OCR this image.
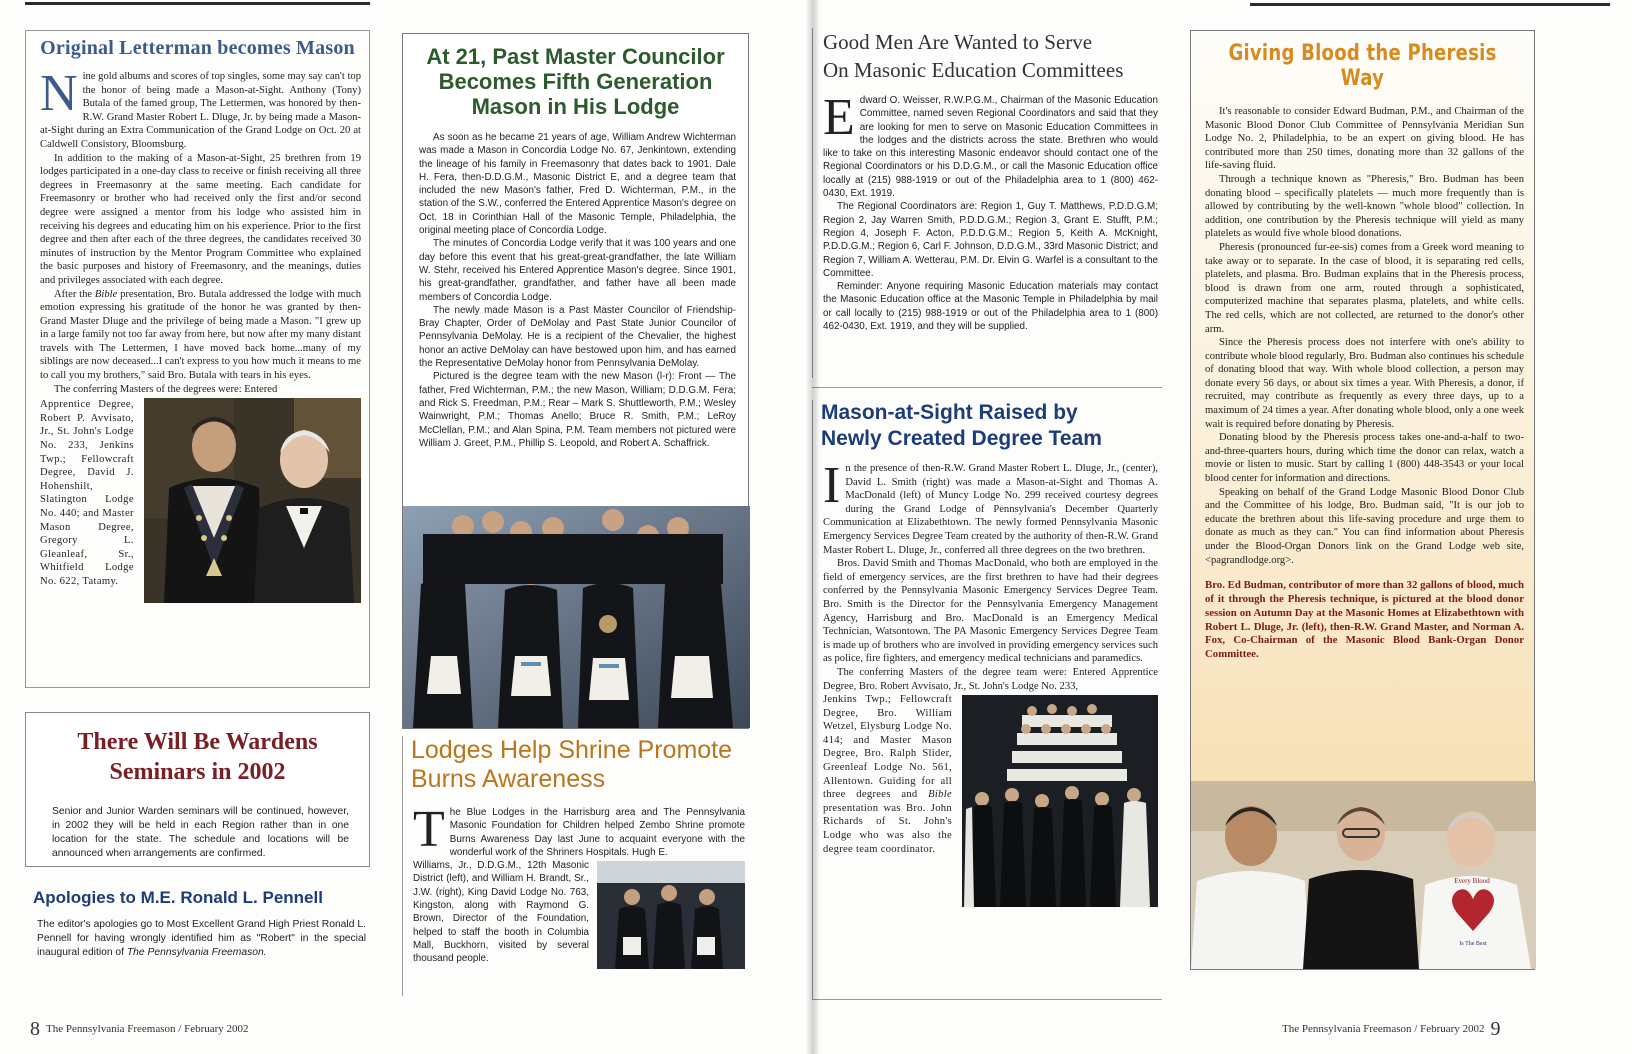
Original Letterman becomes Mason

Nine gold albums and scores of top singles, some may say can't top the honor of being made a Mason-at-Sight. Anthony (Tony) Butala of the famed group, The Lettermen, was honored by then-R.W. Grand Master Robert L. Dluge, Jr. by being made a Mason-at-Sight during an Extra Communication of the Grand Lodge on Oct. 20 at Caldwell Consistory, Bloomsburg.

In addition to the making of a Mason-at-Sight, 25 brethren from 19 lodges participated in a one-day class to receive or finish receiving all three degrees in Freemasonry at the same meeting. Each candidate for Freemasonry or brother who had received only the first and/or second degree were assigned a mentor from his lodge who assisted him in receiving his degrees and educating him on his experience. Prior to the first degree and then after each of the three degrees, the candidates received 30 minutes of instruction by the Mentor Program Committee who explained the basic purposes and history of Freemasonry, and the meanings, duties and privileges associated with each degree.

After the Bible presentation, Bro. Butala addressed the lodge with much emotion expressing his gratitude of the honor he was granted by then-Grand Master Dluge and the privilege of being made a Mason. "I grew up in a large family not too far away from here, but now after my many distant travels with The Lettermen, I have moved back home...many of my siblings are now deceased...I can't express to you how much it means to me to call you my brothers," said Bro. Butala with tears in his eyes.

The conferring Masters of the degrees were: Entered

Apprentice Degree, Robert P. Avvisato, Jr., St. John's Lodge No. 233, Jenkins Twp.; Fellowcraft Degree, David J. Hohenshilt, Slatington Lodge No. 440; and Master Mason Degree, Gregory L. Gleanleaf, Sr., Whitfield Lodge No. 622, Tatamy.
There Will Be Wardens
Seminars in 2002
Senior and Junior Warden seminars will be continued, however, in 2002 they will be held in each Region rather than in one location for the state. The schedule and locations will be announced when arrangements are confirmed.
Apologies to M.E. Ronald L. Pennell
The editor's apologies go to Most Excellent Grand High Priest Ronald L. Pennell for having wrongly identified him as "Robert" in the special inaugural edition of The Pennsylvania Freemason.
At 21, Past Master Councilor
Becomes Fifth Generation
Mason in His Lodge

As soon as he became 21 years of age, William Andrew Wichterman was made a Mason in Concordia Lodge No. 67, Jenkintown, extending the lineage of his family in Freemasonry that dates back to 1901. Dale H. Fera, then-D.D.G.M., Masonic District E, and a degree team that included the new Mason's father, Fred D. Wichterman, P.M., in the station of the S.W., conferred the Entered Apprentice Mason's degree on Oct. 18 in Corinthian Hall of the Masonic Temple, Philadelphia, the original meeting place of Concordia Lodge.

The minutes of Concordia Lodge verify that it was 100 years and one day before this event that his great-great-grandfather, the late William W. Stehr, received his Entered Apprentice Mason's degree. Since 1901, his great-grandfather, grandfather, and father have all been made members of Concordia Lodge.

The newly made Mason is a Past Master Councilor of Friendship-Bray Chapter, Order of DeMolay and Past State Junior Councilor of Pennsylvania DeMolay. He is a recipient of the Chevalier, the highest honor an active DeMolay can have bestowed upon him, and has earned the Representative DeMolay honor from Pennsylvania DeMolay.

Pictured is the degree team with the new Mason (l-r): Front — The father, Fred Wichterman, P.M.; the new Mason, William; D.D.G.M. Fera; and Rick S. Freedman, P.M.; Rear – Mark S. Shuttleworth, P.M.; Wesley Wainwright, P.M.; Thomas Anello; Bruce R. Smith, P.M.; LeRoy McClellan, P.M.; and Alan Spina, P.M. Team members not pictured were William J. Greet, P.M., Phillip S. Leopold, and Robert A. Schaffrick.

Lodges Help Shrine Promote
Burns Awareness

The Blue Lodges in the Harrisburg area and The Pennsylvania Masonic Foundation for Children helped Zembo Shrine promote Burns Awareness Day last June to acquaint everyone with the wonderful work of the Shriners Hospitals. Hugh E.

Williams, Jr., D.D.G.M., 12th Masonic District (left), and William H. Brandt, Sr., J.W. (right), King David Lodge No. 763, Kingston, along with Raymond G. Brown, Director of the Foundation, helped to staff the booth in Columbia Mall, Buckhorn, visited by several thousand people.
8 The Pennsylvania Freemason / February 2002
Good Men Are Wanted to Serve
On Masonic Education Committees

Edward O. Weisser, R.W.P.G.M., Chairman of the Masonic Education Committee, named seven Regional Coordinators and said that they are looking for men to serve on Masonic Education Committees in the lodges and the districts across the state. Brethren who would like to take on this interesting Masonic endeavor should contact one of the Regional Coordinators or his D.D.G.M., or call the Masonic Education office locally at (215) 988-1919 or out of the Philadelphia area to 1 (800) 462-0430, Ext. 1919.

The Regional Coordinators are: Region 1, Guy T. Matthews, P.D.D.G.M; Region 2, Jay Warren Smith, P.D.D.G.M.; Region 3, Grant E. Stufft, P.M.; Region 4, Joseph F. Acton, P.D.D.G.M.; Region 5, Keith A. McKnight, P.D.D.G.M.; Region 6, Carl F. Johnson, D.D.G.M., 33rd Masonic District; and Region 7, William A. Wetterau, P.M. Dr. Elvin G. Warfel is a consultant to the Committee.

Reminder: Anyone requiring Masonic Education materials may contact the Masonic Education office at the Masonic Temple in Philadelphia by mail or call locally to (215) 988-1919 or out of the Philadelphia area to 1 (800) 462-0430, Ext. 1919, and they will be supplied.

Mason-at-Sight Raised by
Newly Created Degree Team

In the presence of then-R.W. Grand Master Robert L. Dluge, Jr., (center), David L. Smith (right) was made a Mason-at-Sight and Thomas A. MacDonald (left) of Muncy Lodge No. 299 received courtesy degrees during the Grand Lodge of Pennsylvania's December Quarterly Communication at Elizabethtown. The newly formed Pennsylvania Masonic Emergency Services Degree Team created by the authority of then-R.W. Grand Master Robert L. Dluge, Jr., conferred all three degrees on the two brethren.

Bros. David Smith and Thomas MacDonald, who both are employed in the field of emergency services, are the first brethren to have had their degrees conferred by the Pennsylvania Masonic Emergency Services Degree Team. Bro. Smith is the Director for the Pennsylvania Emergency Management Agency, Harrisburg and Bro. MacDonald is an Emergency Medical Technician, Watsontown. The PA Masonic Emergency Services Degree Team is made up of brothers who are involved in providing emergency services such as police, fire fighters, and emergency medical technicians and paramedics.

The conferring Masters of the degree team were: Entered Apprentice Degree, Bro. Robert Avvisato, Jr., St. John's Lodge No. 233,

Jenkins Twp.; Fellowcraft Degree, Bro. William Wetzel, Elysburg Lodge No. 414; and Master Mason Degree, Bro. Ralph Slider, Greenleaf Lodge No. 561, Allentown. Guiding for all three degrees and Bible presentation was Bro. John Richards of St. John's Lodge who was also the degree team coordinator.
Giving Blood the Pheresis Way

It's reasonable to consider Edward Budman, P.M., and Chairman of the Masonic Blood Donor Club Committee of Pennsylvania Meridian Sun Lodge No. 2, Philadelphia, to be an expert on giving blood. He has contributed more than 250 times, donating more than 32 gallons of the life-saving fluid.

Through a technique known as "Pheresis," Bro. Budman has been donating blood – specifically platelets — much more frequently than is allowed by contributing by the well-known "whole blood" collection. In addition, one contribution by the Pheresis technique will yield as many platelets as would five whole blood donations.

Pheresis (pronounced fur-ee-sis) comes from a Greek word meaning to take away or to separate. In the case of blood, it is separating red cells, platelets, and plasma. Bro. Budman explains that in the Pheresis process, blood is drawn from one arm, routed through a sophisticated, computerized machine that separates plasma, platelets, and white cells. The red cells, which are not collected, are returned to the donor's other arm.

Since the Pheresis process does not interfere with one's ability to contribute whole blood regularly, Bro. Budman also continues his schedule of donating blood that way. With whole blood collection, a person may donate every 56 days, or about six times a year. With Pheresis, a donor, if recruited, may contribute as frequently as every three days, up to a maximum of 24 times a year. After donating whole blood, only a one week wait is required before donating by Pheresis.

Donating blood by the Pheresis process takes one-and-a-half to two-and-three-quarters hours, during which time the donor can relax, watch a movie or listen to music. Start by calling 1 (800) 448-3543 or your local blood center for information and directions.

Speaking on behalf of the Grand Lodge Masonic Blood Donor Club and the Committee of his lodge, Bro. Budman said, "It is our job to educate the brethren about this life-saving procedure and urge them to donate as much as they can." You can find information about Pheresis under the Blood-Organ Donors link on the Grand Lodge web site, <pagrandlodge.org>.

Bro. Ed Budman, contributor of more than 32 gallons of blood, much of it through the Pheresis technique, is pictured at the blood donor session on Autumn Day at the Masonic Homes at Elizabethtown with Robert L. Dluge, Jr. (left), then-R.W. Grand Master, and Norman A. Fox, Co-Chairman of the Masonic Blood Bank-Organ Donor Committee.
Every Blood
Is The Best
The Pennsylvania Freemason / February 2002 9
